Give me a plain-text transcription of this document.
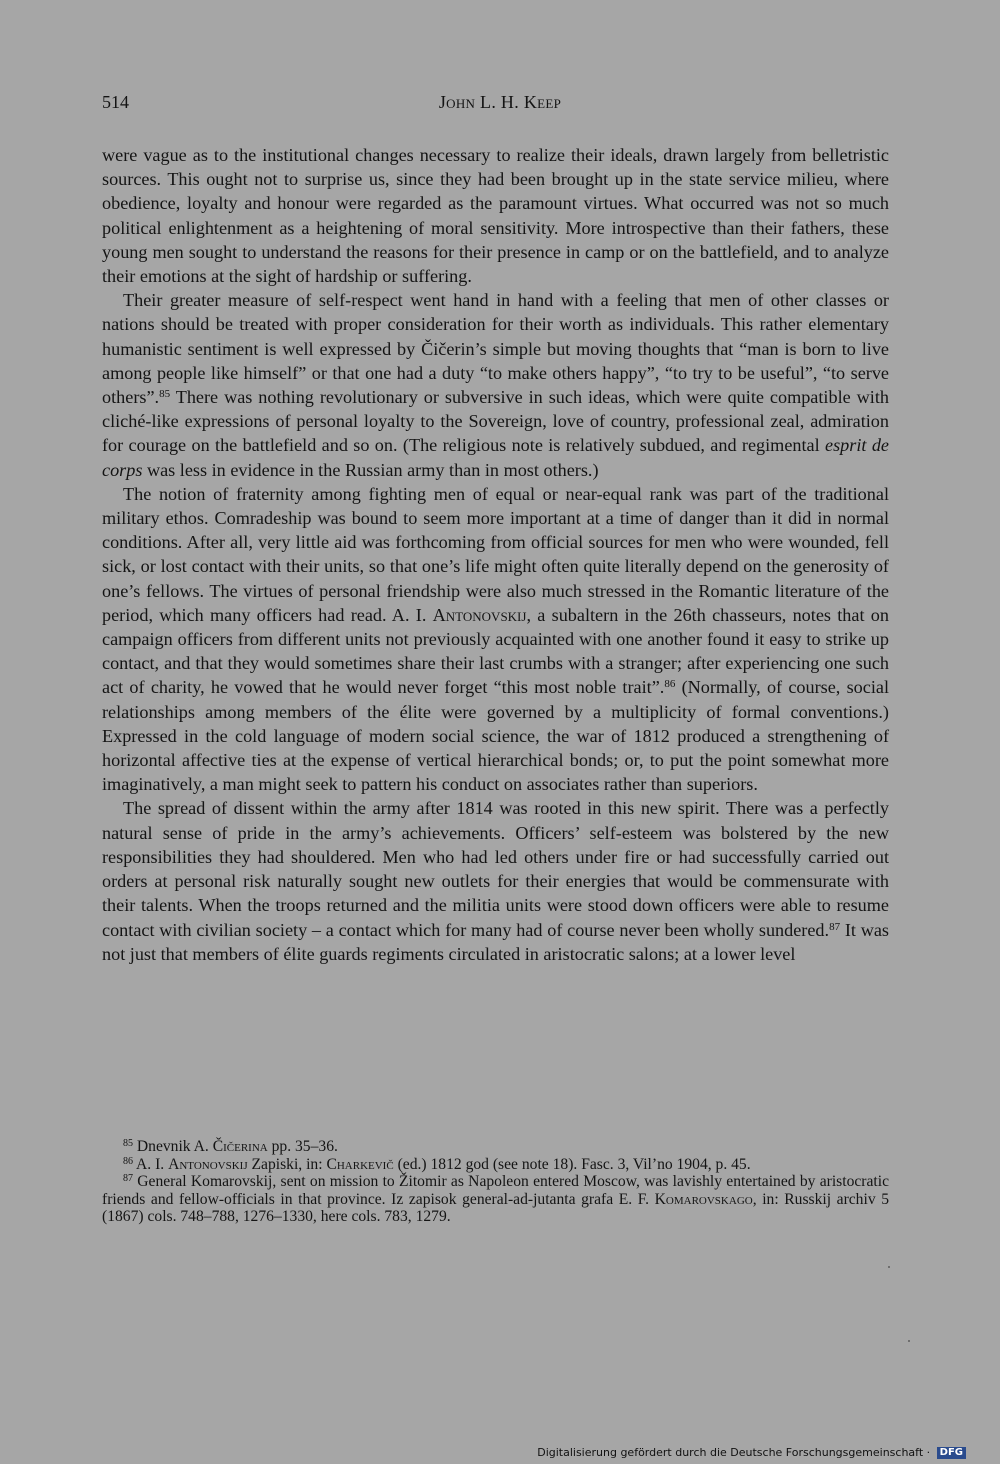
514	John L. H. Keep

were vague as to the institutional changes necessary to realize their ideals, drawn largely from belletristic sources. This ought not to surprise us, since they had been brought up in the state service milieu, where obedience, loyalty and honour were regarded as the paramount virtues. What occurred was not so much political enlightenment as a heightening of moral sensitivity. More introspective than their fathers, these young men sought to understand the reasons for their presence in camp or on the battlefield, and to analyze their emotions at the sight of hardship or suffering.

Their greater measure of self-respect went hand in hand with a feeling that men of other classes or nations should be treated with proper consideration for their worth as individuals. This rather elementary humanistic sentiment is well expressed by Čičerin’s simple but moving thoughts that “man is born to live among people like himself” or that one had a duty “to make others happy”, “to try to be useful”, “to serve others”.$^{85}$ There was nothing revolutionary or subversive in such ideas, which were quite compatible with cliché-like expressions of personal loyalty to the Sovereign, love of country, professional zeal, admiration for courage on the battlefield and so on. (The religious note is relatively subdued, and regimental esprit de corps was less in evidence in the Russian army than in most others.)

The notion of fraternity among fighting men of equal or near-equal rank was part of the traditional military ethos. Comradeship was bound to seem more important at a time of danger than it did in normal conditions. After all, very little aid was forthcoming from official sources for men who were wounded, fell sick, or lost contact with their units, so that one’s life might often quite literally depend on the generosity of one’s fellows. The virtues of personal friendship were also much stressed in the Romantic literature of the period, which many officers had read. A. I. Antonovskij, a subaltern in the 26th chasseurs, notes that on campaign officers from different units not previously acquainted with one another found it easy to strike up contact, and that they would sometimes share their last crumbs with a stranger; after experiencing one such act of charity, he vowed that he would never forget “this most noble trait”.$^{86}$ (Normally, of course, social relationships among members of the élite were governed by a multiplicity of formal conventions.) Expressed in the cold language of modern social science, the war of 1812 produced a strengthening of horizontal affective ties at the expense of vertical hierarchical bonds; or, to put the point somewhat more imaginatively, a man might seek to pattern his conduct on associates rather than superiors.

The spread of dissent within the army after 1814 was rooted in this new spirit. There was a perfectly natural sense of pride in the army’s achievements. Officers’ self-esteem was bolstered by the new responsibilities they had shouldered. Men who had led others under fire or had successfully carried out orders at personal risk naturally sought new outlets for their energies that would be commensurate with their talents. When the troops returned and the militia units were stood down officers were able to resume contact with civilian society – a contact which for many had of course never been wholly sundered.$^{87}$ It was not just that members of élite guards regiments circulated in aristocratic salons; at a lower level

$^{85}$ Dnevnik A. Čičerina pp. 35–36.

$^{86}$ A. I. Antonovskij Zapiski, in: Charkevič (ed.) 1812 god (see note 18). Fasc. 3, Vil’no 1904, p. 45.

$^{87}$ General Komarovskij, sent on mission to Žitomir as Napoleon entered Moscow, was lavishly entertained by aristocratic friends and fellow-officials in that province. Iz zapisok general-ad-jutanta grafa E. F. Komarovskago, in: Russkij archiv 5 (1867) cols. 748–788, 1276–1330, here cols. 783, 1279.

Digitalisierung gefördert durch die Deutsche Forschungsgemeinschaft · DFG
